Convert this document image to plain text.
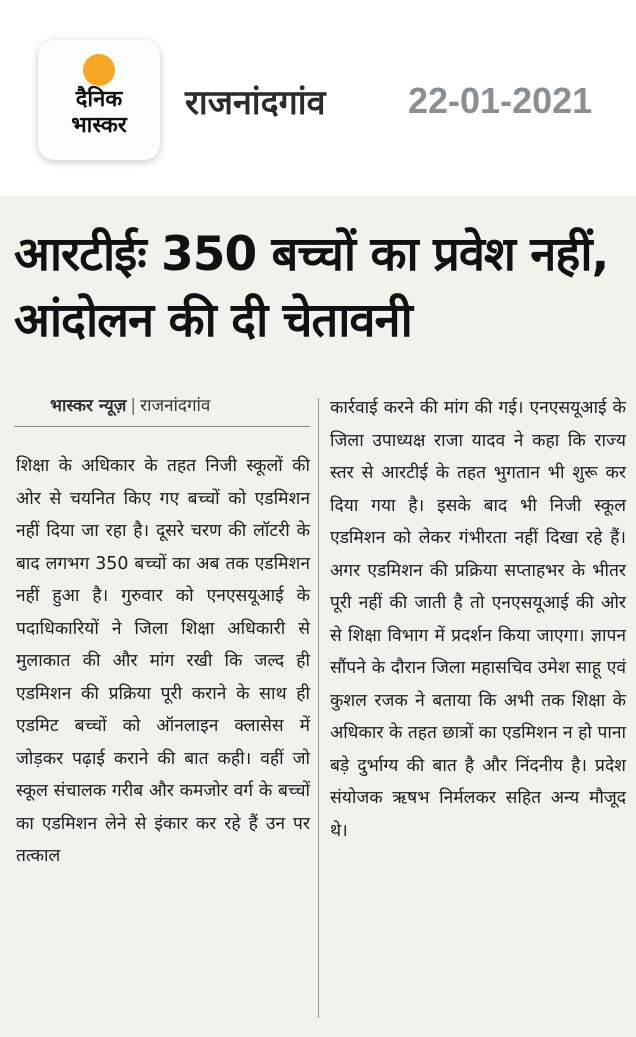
दैनिक
भास्कर
राजनांदगांव 22-01-2021
आरटीईः 350 बच्चों का प्रवेश नहीं, आंदोलन की दी चेतावनी
भास्कर न्यूज़ | राजनांदगांव

शिक्षा के अधिकार के तहत निजी स्कूलों की ओर से चयनित किए गए बच्चों को एडमिशन नहीं दिया जा रहा है। दूसरे चरण की लॉटरी के बाद लगभग 350 बच्चों का अब तक एडमिशन नहीं हुआ है। गुरुवार को एनएसयूआई के पदाधिकारियों ने जिला शिक्षा अधिकारी से मुलाकात की और मांग रखी कि जल्द ही एडमिशन की प्रक्रिया पूरी कराने के साथ ही एडमिट बच्चों को ऑनलाइन क्लासेस में जोड़कर पढ़ाई कराने की बात कही। वहीं जो स्कूल संचालक गरीब और कमजोर वर्ग के बच्चों का एडमिशन लेने से इंकार कर रहे हैं उन पर तत्काल

कार्रवाई करने की मांग की गई। एनएसयूआई के जिला उपाध्यक्ष राजा यादव ने कहा कि राज्य स्तर से आरटीई के तहत भुगतान भी शुरू कर दिया गया है। इसके बाद भी निजी स्कूल एडमिशन को लेकर गंभीरता नहीं दिखा रहे हैं। अगर एडमिशन की प्रक्रिया सप्ताहभर के भीतर पूरी नहीं की जाती है तो एनएसयूआई की ओर से शिक्षा विभाग में प्रदर्शन किया जाएगा। ज्ञापन सौंपने के दौरान जिला महासचिव उमेश साहू एवं कुशल रजक ने बताया कि अभी तक शिक्षा के अधिकार के तहत छात्रों का एडमिशन न हो पाना बड़े दुर्भाग्य की बात है और निंदनीय है। प्रदेश संयोजक ऋषभ निर्मलकर सहित अन्य मौजूद थे।
